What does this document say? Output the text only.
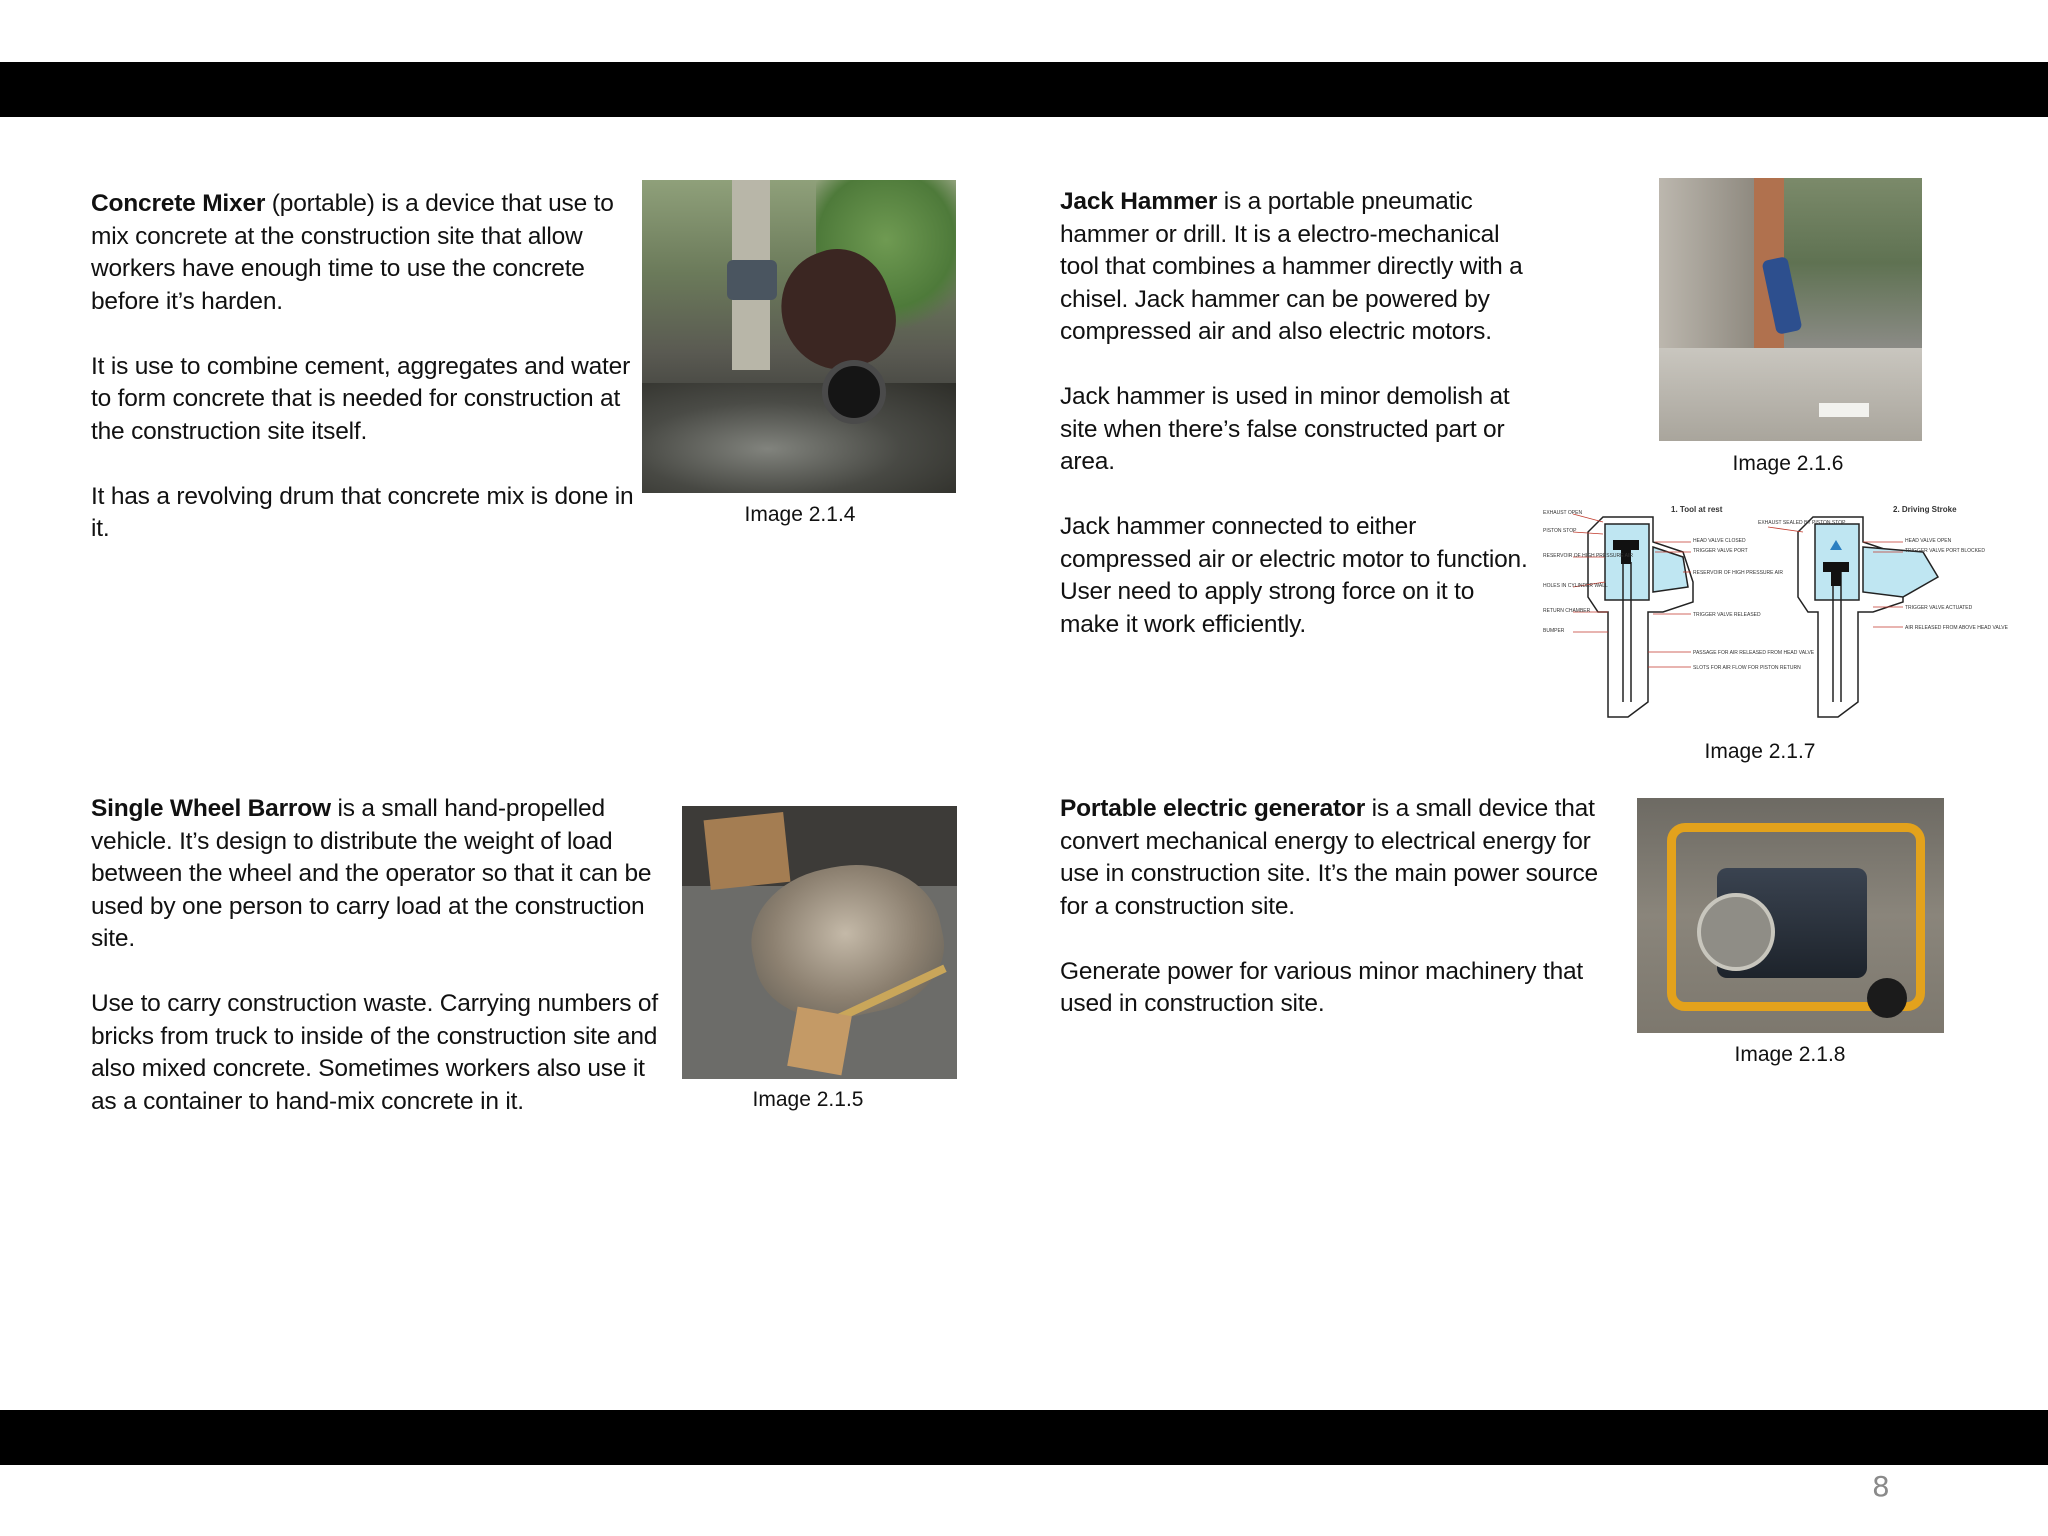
Concrete Mixer (portable) is a device that use to mix concrete at the construction site that allow workers have enough time to use the concrete before it’s harden.

It is use to combine cement, aggregates and water to form concrete that is needed for construction at the construction site itself.

It has a revolving drum that concrete mix is done in it.

Image 2.1.4

Single Wheel Barrow is a small hand-propelled vehicle. It’s design to distribute the weight of load between the wheel and the operator so that it can be used by one person to carry load at the construction site.

Use to carry construction waste. Carrying numbers of bricks from truck to inside of the construction site and also mixed concrete. Sometimes workers also use it as a container to hand-mix concrete in it.	Image 2.1.5

Jack Hammer is a portable pneumatic hammer or drill. It is a electro-mechanical tool that combines a hammer directly with a chisel. Jack hammer can be powered by compressed air and also electric motors.

Jack hammer is used in minor demolish at site when there’s false constructed part or area.

Jack hammer connected to either compressed air or electric motor to function. User need to apply strong force on it to make it work efficiently.

Image 2.1.6
1. Tool at rest	2. Driving Stroke
EXHAUST OPEN
PISTON STOP
RESERVOIR OF HIGH PRESSURE AIR
HOLES IN CYLINDER WALL
RETURN CHAMBER
BUMPER
HEAD VALVE CLOSED
TRIGGER VALVE PORT
RESERVOIR OF HIGH PRESSURE AIR
TRIGGER VALVE RELEASED
PASSAGE FOR AIR RELEASED FROM HEAD VALVE
SLOTS FOR AIR FLOW FOR PISTON RETURN
EXHAUST SEALED BY PISTON STOP
HEAD VALVE OPEN
TRIGGER VALVE PORT BLOCKED
TRIGGER VALVE ACTUATED
AIR RELEASED FROM ABOVE HEAD VALVE
Image 2.1.7

Portable electric generator is a small device that convert mechanical energy to electrical energy for use in construction site. It’s the main power source for a construction site.

Generate power for various minor machinery that used in construction site.

Image 2.1.8
8
